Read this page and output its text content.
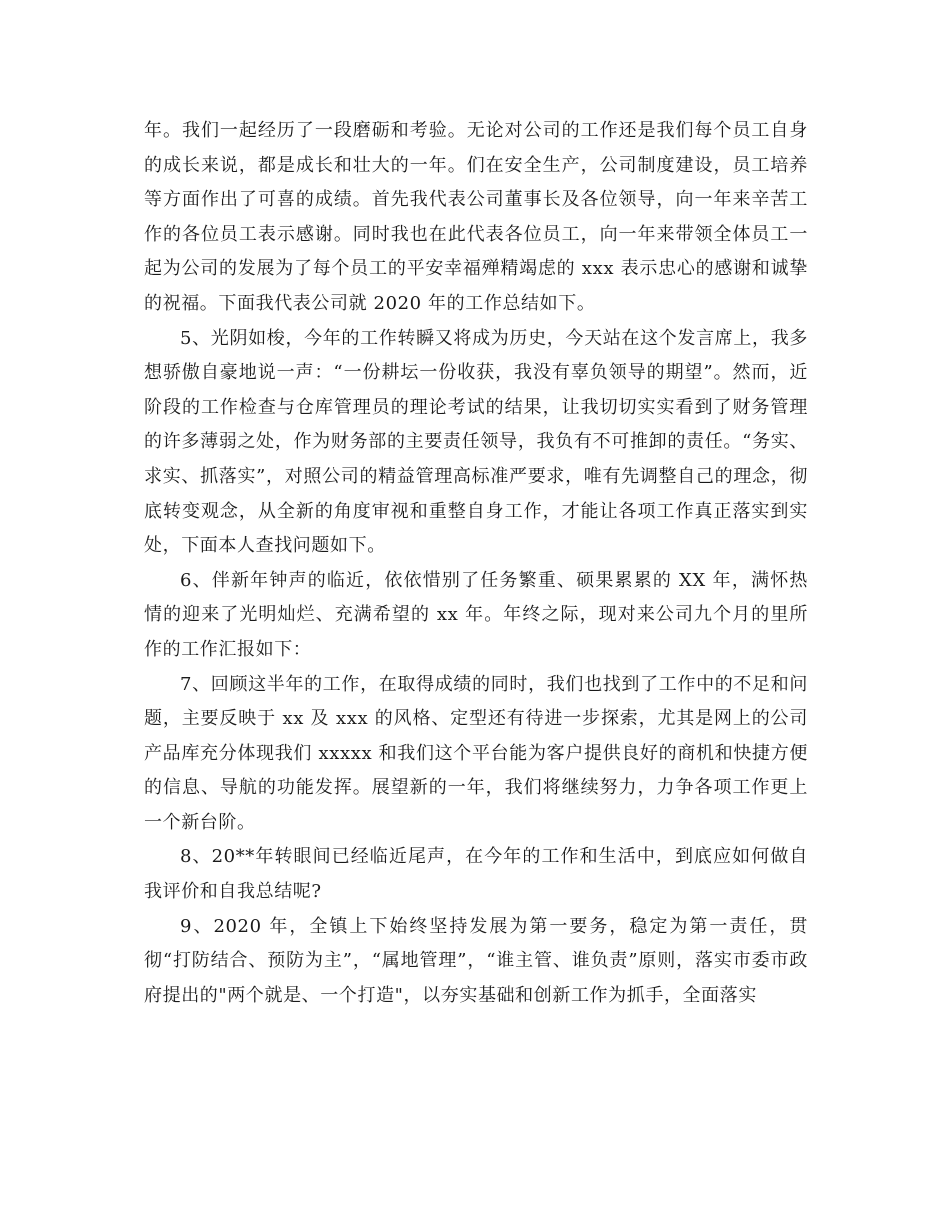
年。我们一起经历了一段磨砺和考验。无论对公司的工作还是我们每个员工自身的成长来说，都是成长和壮大的一年。们在安全生产，公司制度建设，员工培养等方面作出了可喜的成绩。首先我代表公司董事长及各位领导，向一年来辛苦工作的各位员工表示感谢。同时我也在此代表各位员工，向一年来带领全体员工一起为公司的发展为了每个员工的平安幸福殚精竭虑的 xxx 表示忠心的感谢和诚挚的祝福。下面我代表公司就 2020 年的工作总结如下。

5、光阴如梭，今年的工作转瞬又将成为历史，今天站在这个发言席上，我多想骄傲自豪地说一声：“一份耕坛一份收获，我没有辜负领导的期望”。然而，近阶段的工作检查与仓库管理员的理论考试的结果，让我切切实实看到了财务管理的许多薄弱之处，作为财务部的主要责任领导，我负有不可推卸的责任。“务实、求实、抓落实”，对照公司的精益管理高标准严要求，唯有先调整自己的理念，彻底转变观念，从全新的角度审视和重整自身工作，才能让各项工作真正落实到实处，下面本人查找问题如下。

6、伴新年钟声的临近，依依惜别了任务繁重、硕果累累的 XX 年，满怀热情的迎来了光明灿烂、充满希望的 xx 年。年终之际，现对来公司九个月的里所作的工作汇报如下：

7、回顾这半年的工作，在取得成绩的同时，我们也找到了工作中的不足和问题，主要反映于 xx 及 xxx 的风格、定型还有待进一步探索，尤其是网上的公司产品库充分体现我们 xxxxx 和我们这个平台能为客户提供良好的商机和快捷方便的信息、导航的功能发挥。展望新的一年，我们将继续努力，力争各项工作更上一个新台阶。

8、20**年转眼间已经临近尾声，在今年的工作和生活中，到底应如何做自我评价和自我总结呢?

9、2020 年，全镇上下始终坚持发展为第一要务，稳定为第一责任，贯彻“打防结合、预防为主”，“属地管理”，“谁主管、谁负责”原则，落实市委市政府提出的"两个就是、一个打造"，以夯实基础和创新工作为抓手，全面落实
